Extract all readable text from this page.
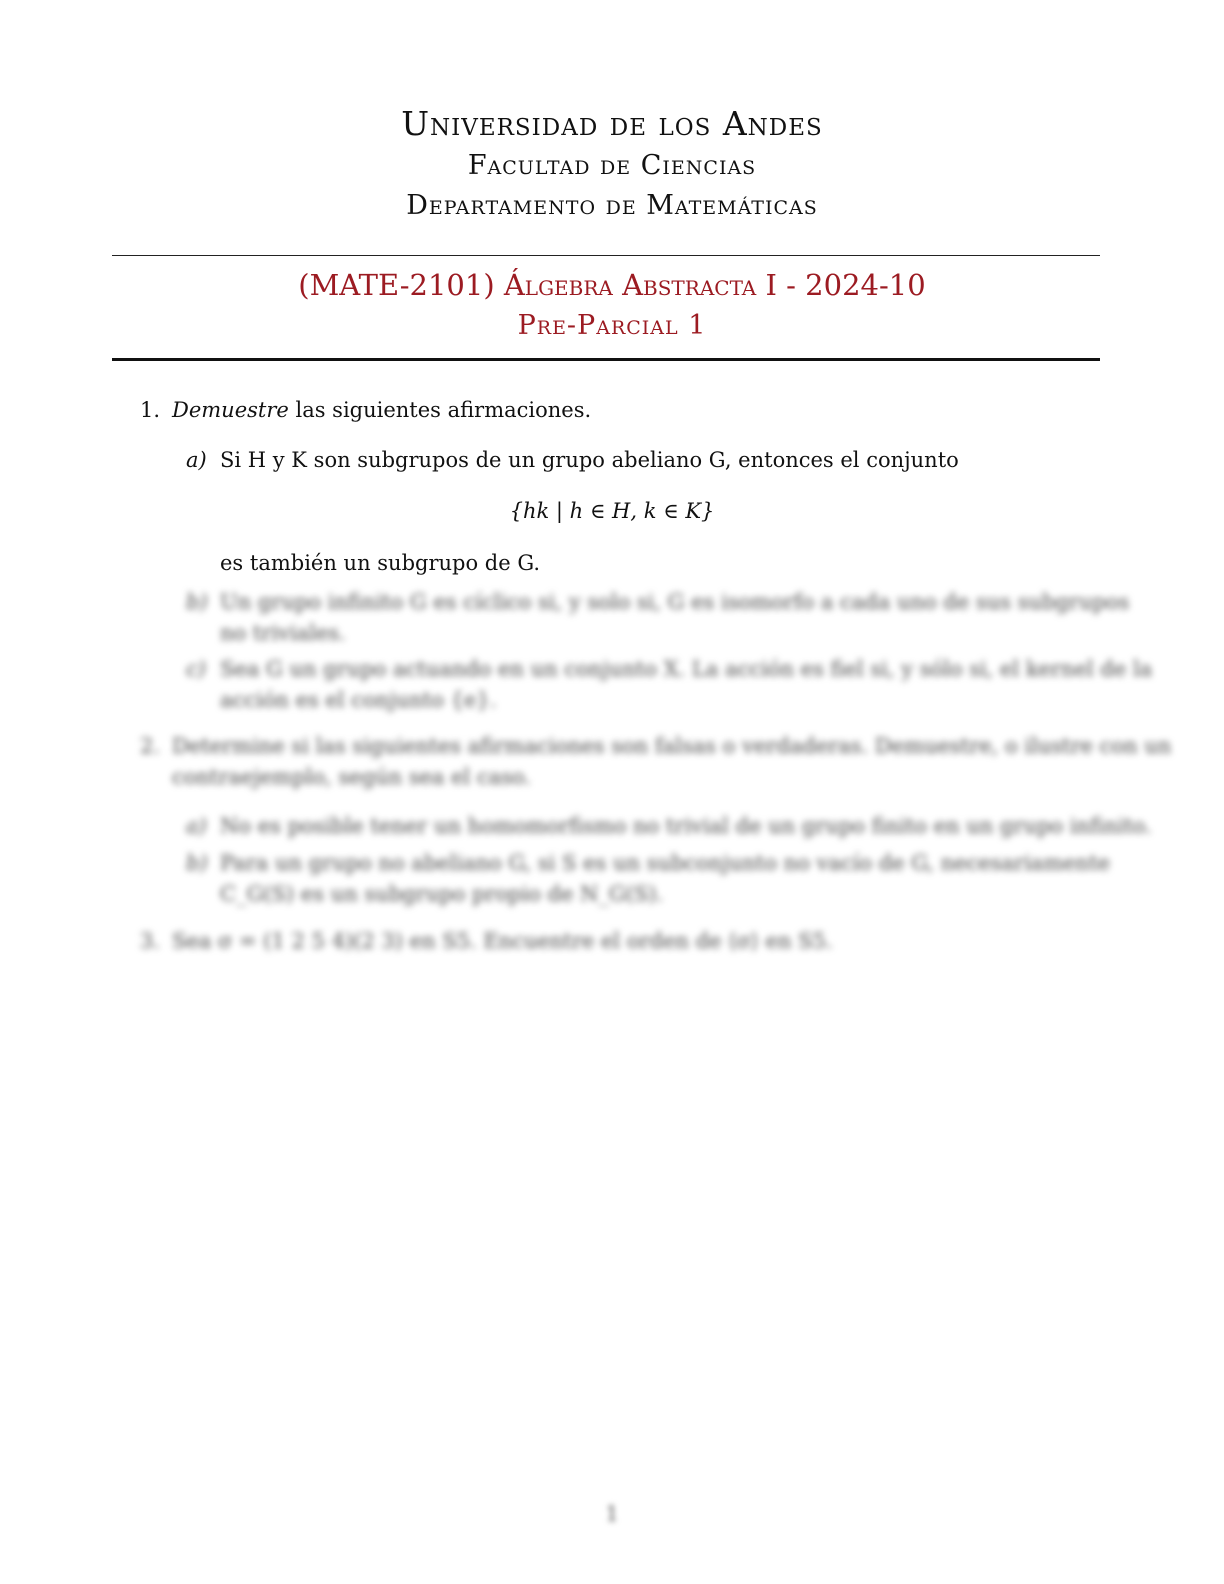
Universidad de los Andes
Facultad de Ciencias
Departamento de Matemáticas
(MATE-2101) Álgebra Abstracta I - 2024-10
Pre-Parcial 1
1. Demuestre las siguientes afirmaciones.
a) Si H y K son subgrupos de un grupo abeliano G, entonces el conjunto
{hk | h ∈ H, k ∈ K}
es también un subgrupo de G.
b) Un grupo infinito G es cíclico si, y solo si, G es isomorfo a cada uno de sus subgrupos
no triviales.
c) Sea G un grupo actuando en un conjunto X. La acción es fiel si, y sólo si, el kernel de la
acción es el conjunto {e}.
2. Determine si las siguientes afirmaciones son falsas o verdaderas. Demuestre, o ilustre con un
contraejemplo, según sea el caso.
a) No es posible tener un homomorfismo no trivial de un grupo finito en un grupo infinito.
b) Para un grupo no abeliano G, si S es un subconjunto no vacío de G, necesariamente
C_G(S) es un subgrupo propio de N_G(S).
3. Sea σ = (1 2 5 4)(2 3) en S5. Encuentre el orden de ⟨σ⟩ en S5.
1
